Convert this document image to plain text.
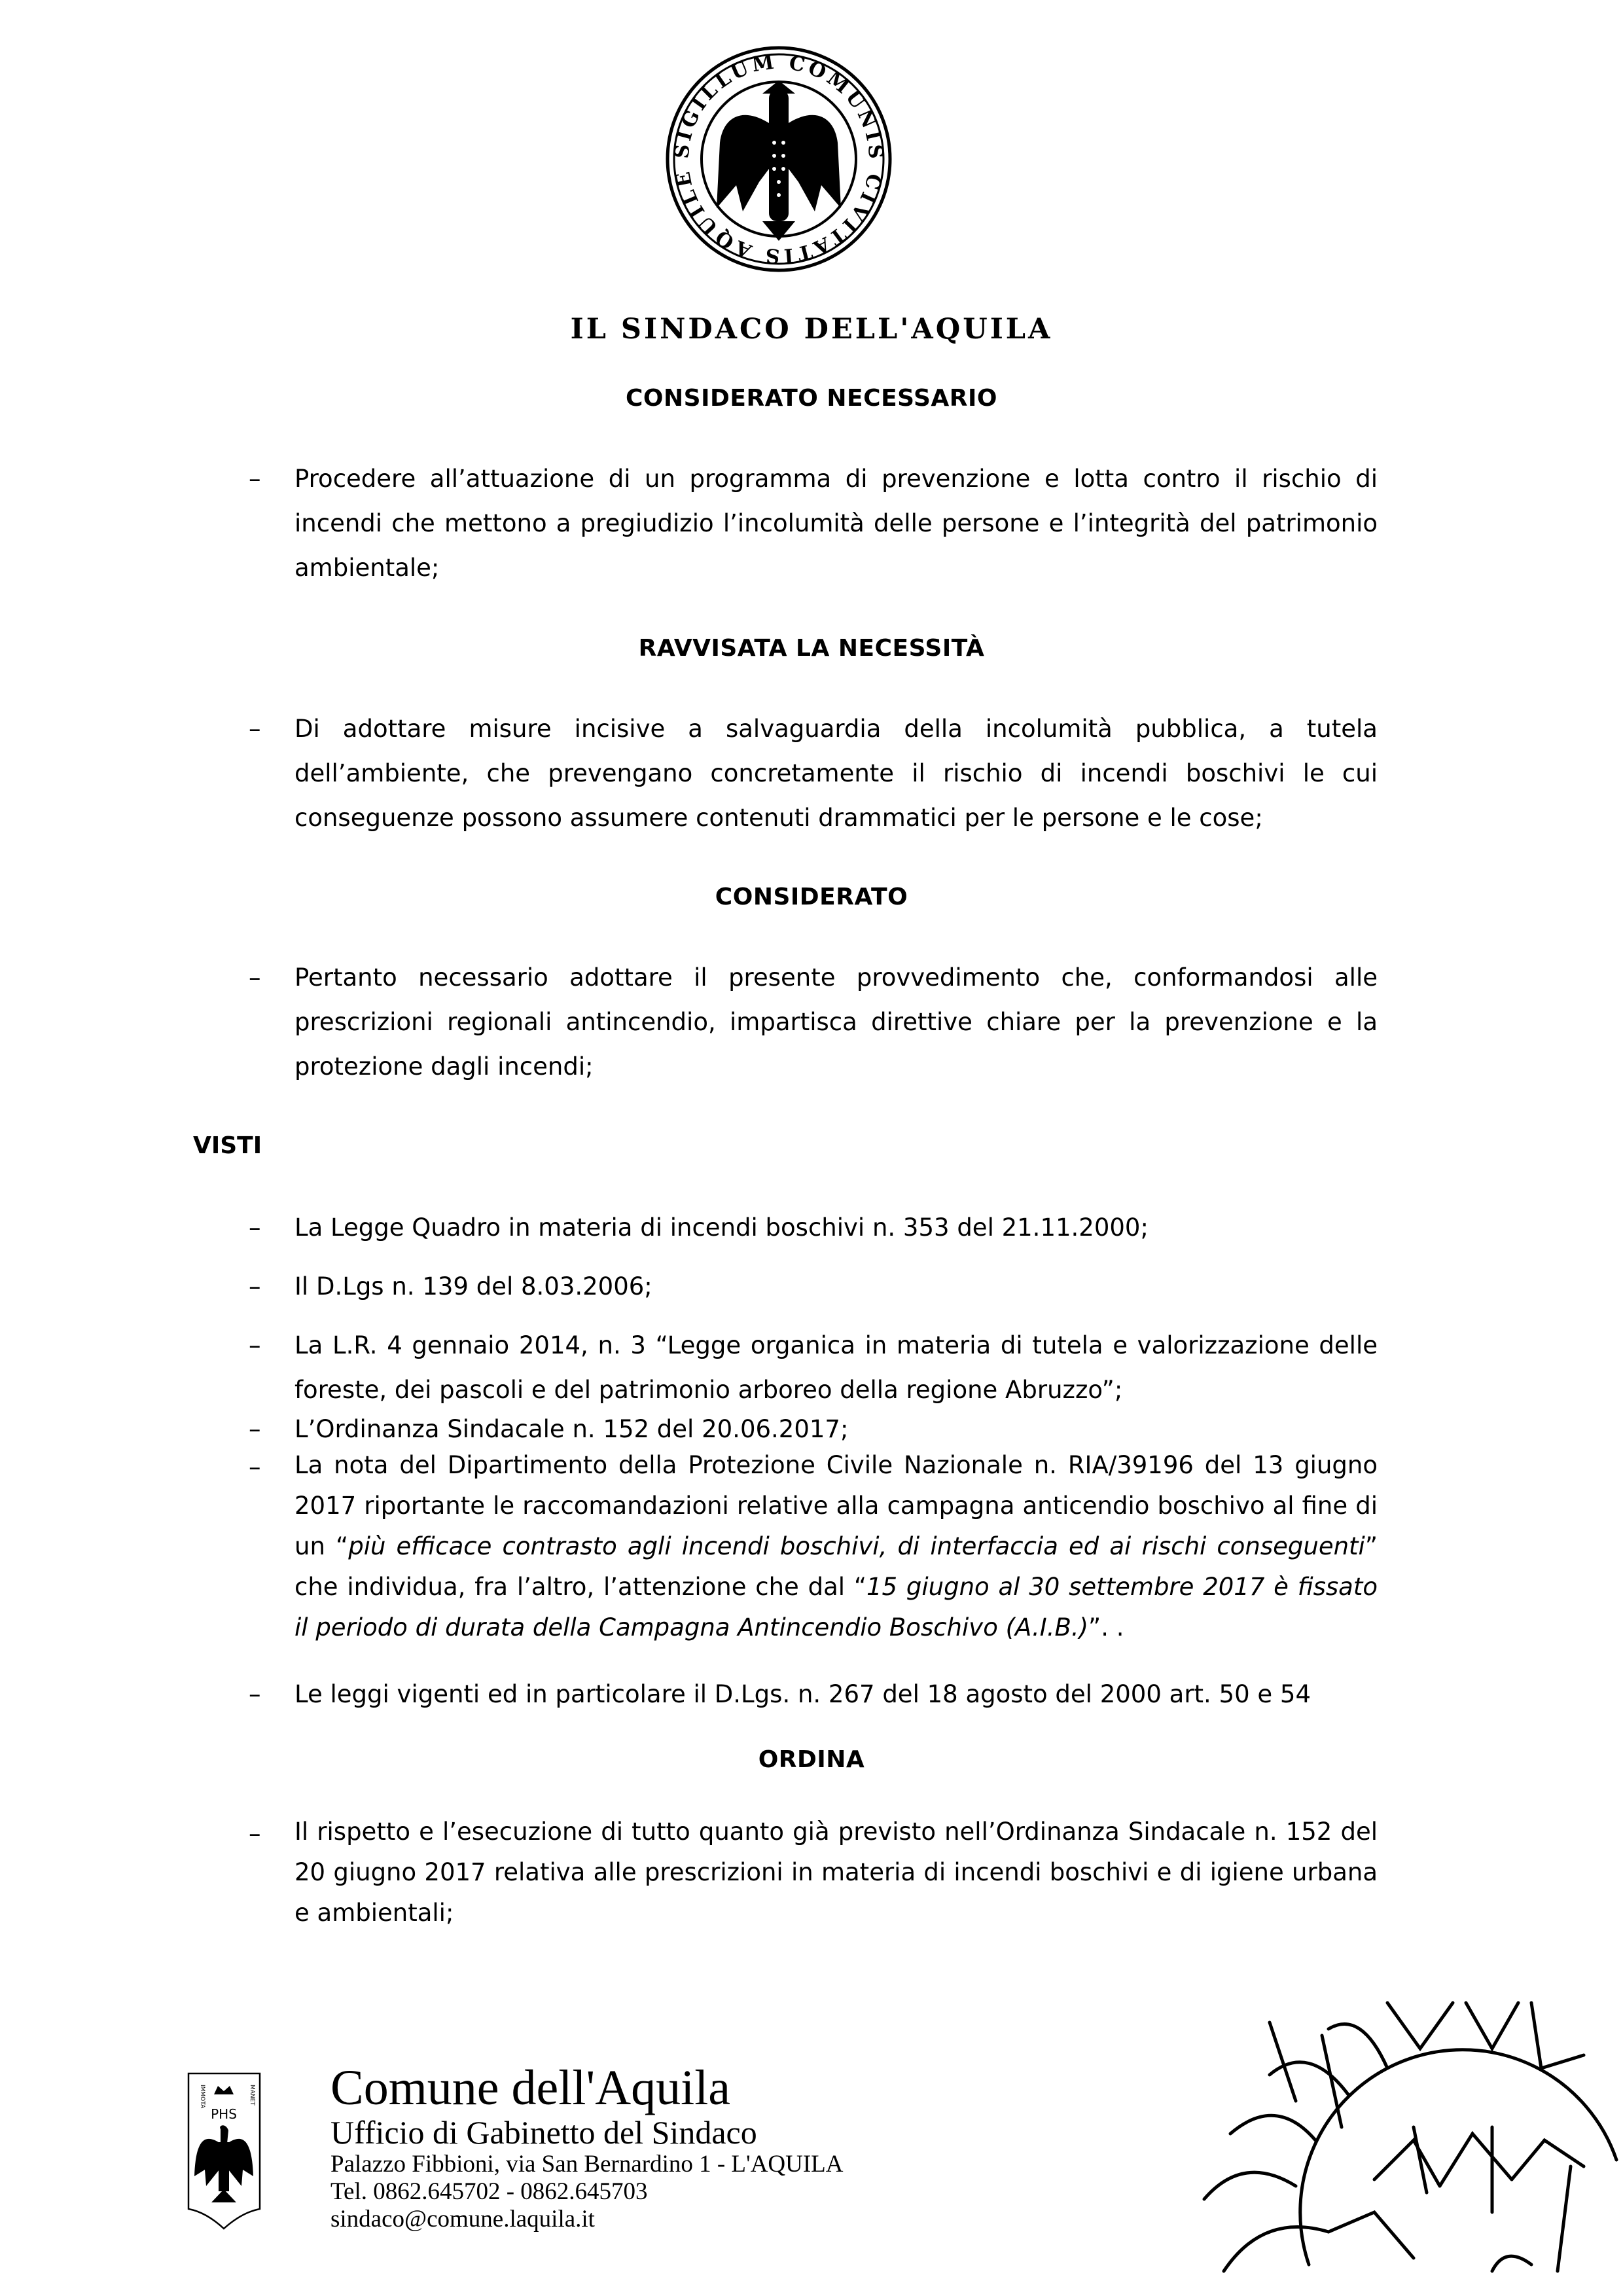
SIGILLUM COMUNIS CIVITATIS AQUILE
IL SINDACO DELL'AQUILA
CONSIDERATO NECESSARIO
–	Procedere all’attuazione di un programma di prevenzione e lotta contro il rischio di incendi che mettono a pregiudizio l’incolumità delle persone e l’integrità del patrimonio ambientale;
RAVVISATA LA NECESSITÀ
–	Di adottare misure incisive a salvaguardia della incolumità pubblica, a tutela dell’ambiente, che prevengano concretamente il rischio di incendi boschivi le cui conseguenze possono assumere contenuti drammatici per le persone e le cose;
CONSIDERATO
–	Pertanto necessario adottare il presente provvedimento che, conformandosi alle prescrizioni regionali antincendio, impartisca direttive chiare per la prevenzione e la protezione dagli incendi;
VISTI
–	La Legge Quadro in materia di incendi boschivi n. 353 del 21.11.2000;
–	Il D.Lgs n. 139 del 8.03.2006;
–	La L.R. 4 gennaio 2014, n. 3 “Legge organica in materia di tutela e valorizzazione delle foreste, dei pascoli e del patrimonio arboreo della regione Abruzzo”;
–	L’Ordinanza Sindacale n. 152 del 20.06.2017;
–	La nota del Dipartimento della Protezione Civile Nazionale n. RIA/39196 del 13 giugno 2017 riportante le raccomandazioni relative alla campagna anticendio boschivo al fine di un “più efficace contrasto agli incendi boschivi, di interfaccia ed ai rischi conseguenti” che individua, fra l’altro, l’attenzione che dal “15 giugno al 30 settembre 2017 è fissato il periodo di durata della Campagna Antincendio Boschivo (A.I.B.)”. .
–	Le leggi vigenti ed in particolare il D.Lgs. n. 267 del 18 agosto del 2000 art. 50 e 54
ORDINA
–	Il rispetto e l’esecuzione di tutto quanto già previsto nell’Ordinanza Sindacale n. 152 del 20 giugno 2017 relativa alle prescrizioni in materia di incendi boschivi e di igiene urbana e ambientali;
PHS
IMMOTA	MANET Comune dell'Aquila
Ufficio di Gabinetto del Sindaco
Palazzo Fibbioni, via San Bernardino 1 - L'AQUILA
Tel. 0862.645702 - 0862.645703
sindaco@comune.laquila.it
